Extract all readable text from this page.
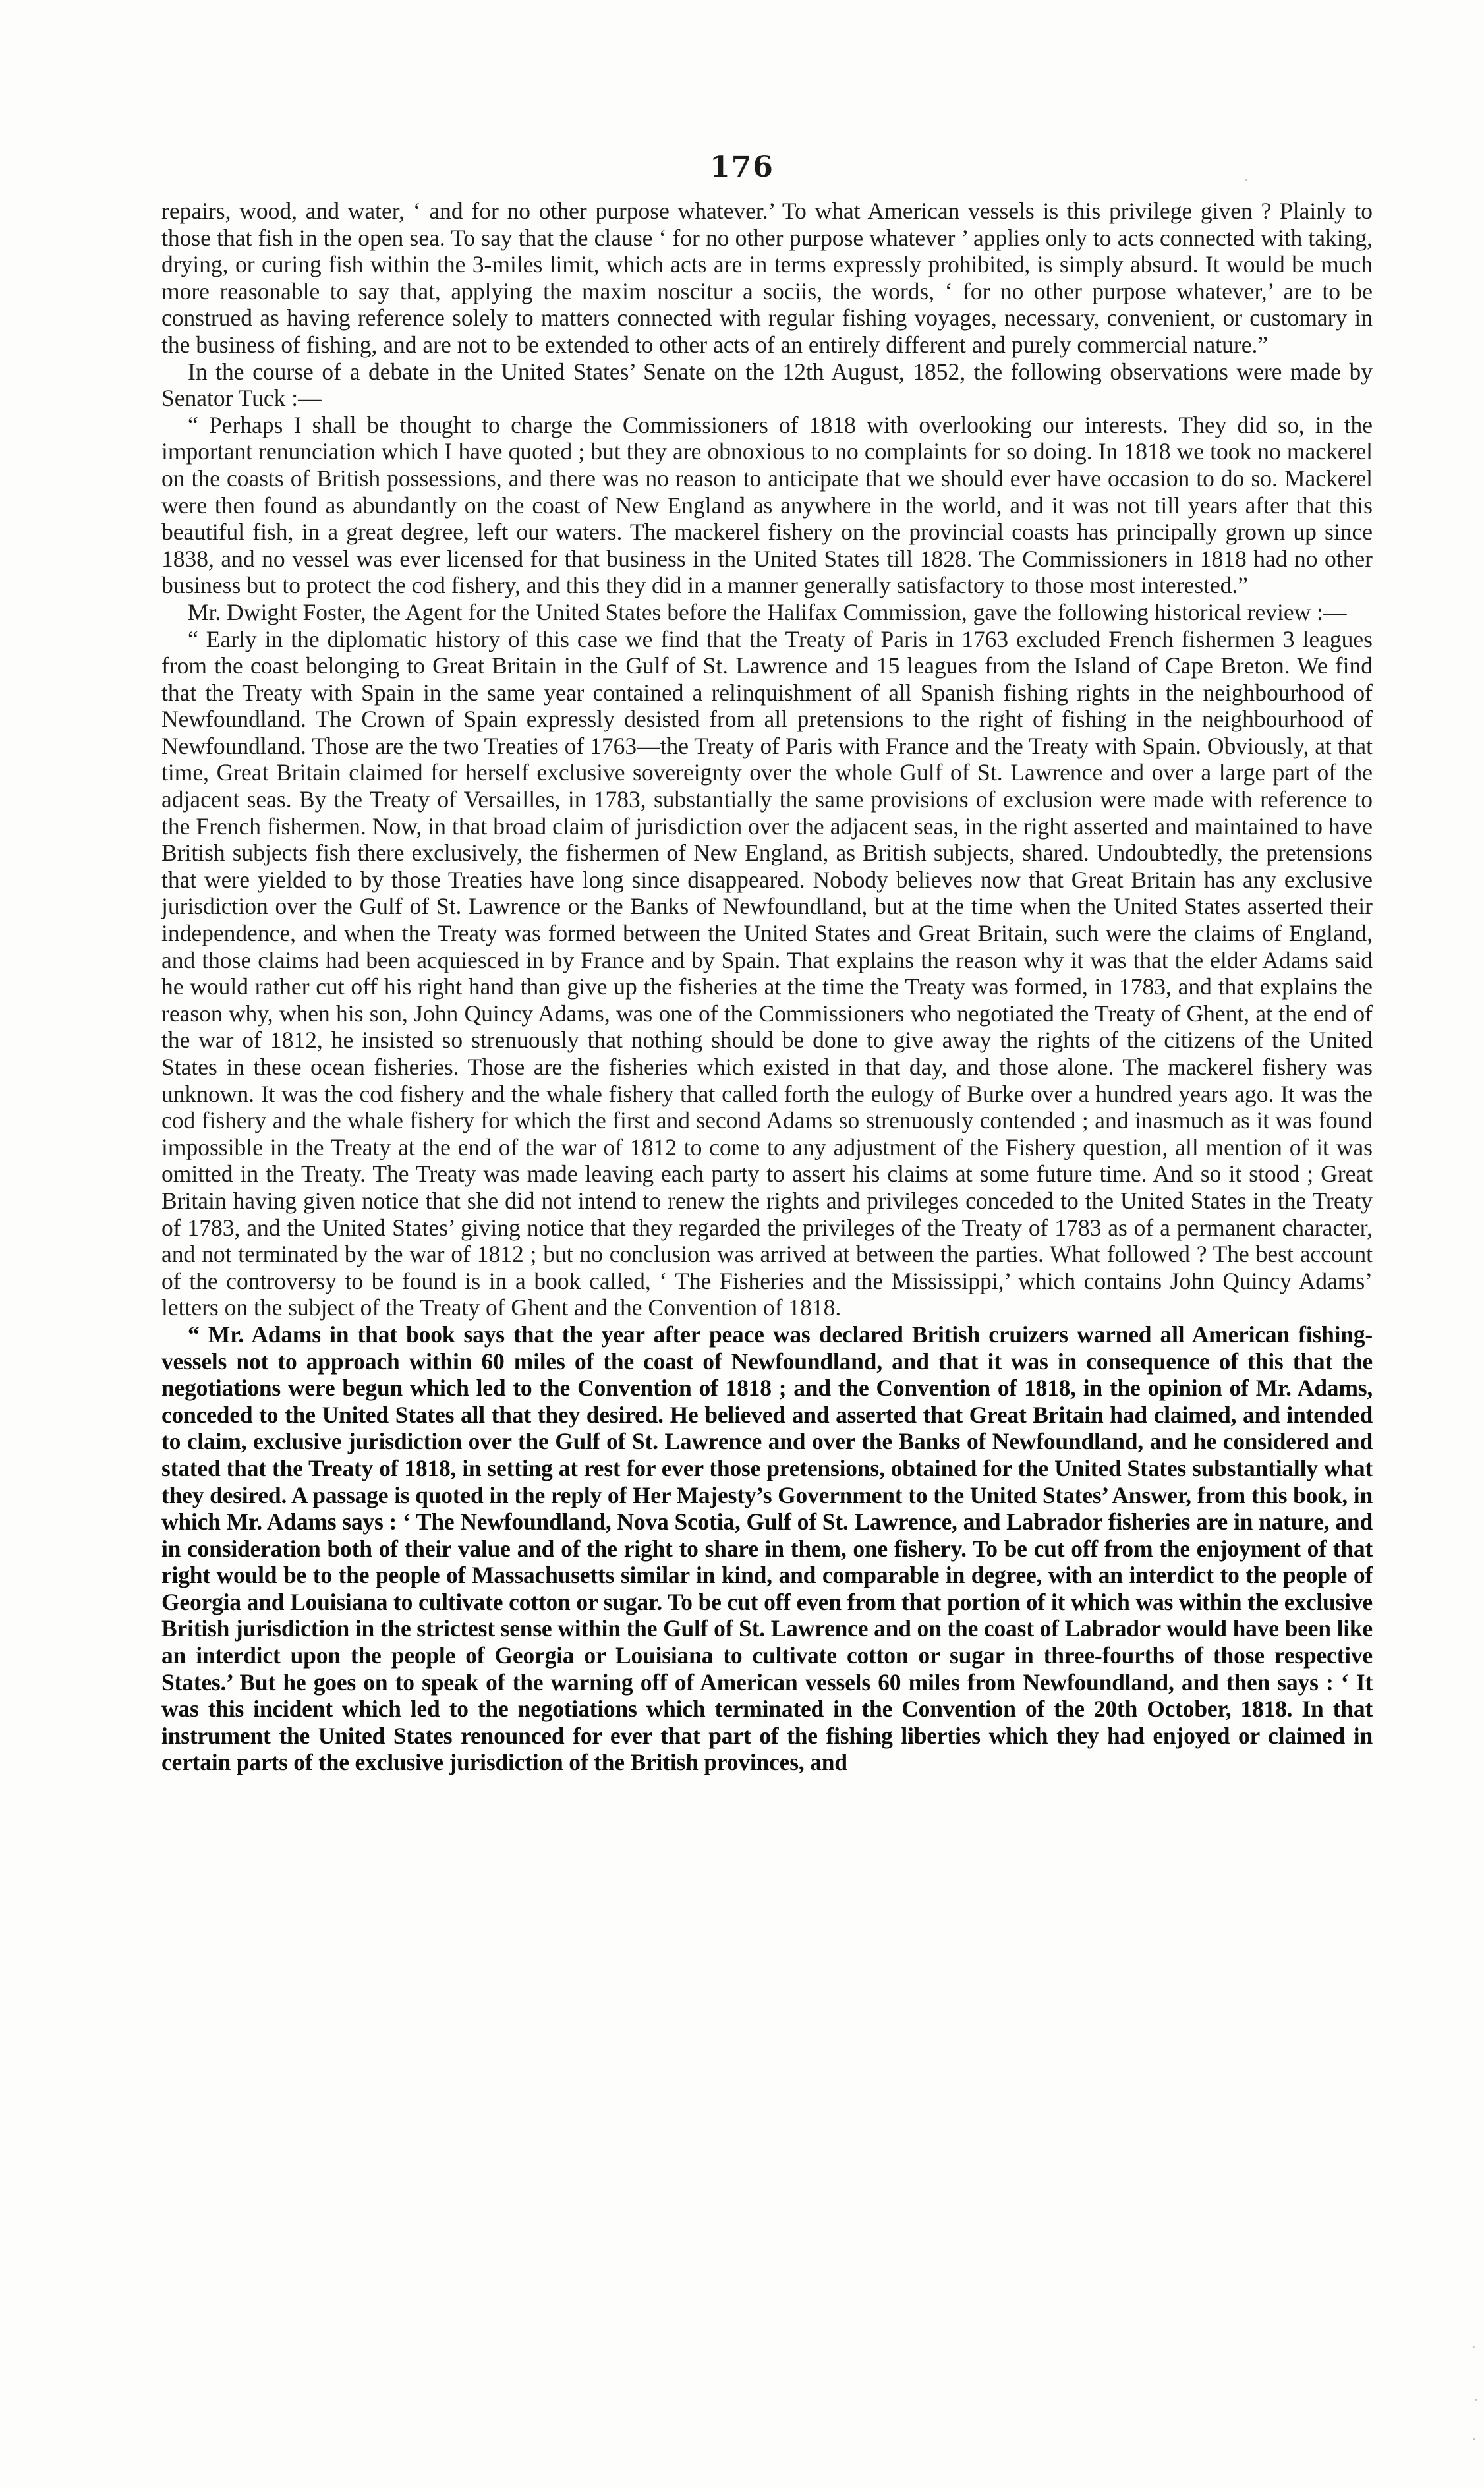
176

repairs, wood, and water, ‘ and for no other purpose whatever.’ To what American vessels is this privilege given ? Plainly to those that fish in the open sea. To say that the clause ‘ for no other purpose whatever ’ applies only to acts connected with taking, drying, or curing fish within the 3-miles limit, which acts are in terms expressly prohibited, is simply absurd. It would be much more reasonable to say that, applying the maxim noscitur a sociis, the words, ‘ for no other purpose whatever,’ are to be construed as having reference solely to matters connected with regular fishing voyages, necessary, convenient, or customary in the business of fishing, and are not to be extended to other acts of an entirely different and purely commercial nature.”

In the course of a debate in the United States’ Senate on the 12th August, 1852, the following observations were made by Senator Tuck :—

“ Perhaps I shall be thought to charge the Commissioners of 1818 with overlooking our interests. They did so, in the important renunciation which I have quoted ; but they are obnoxious to no complaints for so doing. In 1818 we took no mackerel on the coasts of British possessions, and there was no reason to anticipate that we should ever have occasion to do so. Mackerel were then found as abundantly on the coast of New England as anywhere in the world, and it was not till years after that this beautiful fish, in a great degree, left our waters. The mackerel fishery on the provincial coasts has principally grown up since 1838, and no vessel was ever licensed for that business in the United States till 1828. The Commissioners in 1818 had no other business but to protect the cod fishery, and this they did in a manner generally satisfactory to those most interested.”

Mr. Dwight Foster, the Agent for the United States before the Halifax Commission, gave the following historical review :—

“ Early in the diplomatic history of this case we find that the Treaty of Paris in 1763 excluded French fishermen 3 leagues from the coast belonging to Great Britain in the Gulf of St. Lawrence and 15 leagues from the Island of Cape Breton. We find that the Treaty with Spain in the same year contained a relinquishment of all Spanish fishing rights in the neighbourhood of Newfoundland. The Crown of Spain expressly desisted from all pretensions to the right of fishing in the neighbourhood of Newfoundland. Those are the two Treaties of 1763—the Treaty of Paris with France and the Treaty with Spain. Obviously, at that time, Great Britain claimed for herself exclusive sovereignty over the whole Gulf of St. Lawrence and over a large part of the adjacent seas. By the Treaty of Versailles, in 1783, substantially the same provisions of exclusion were made with reference to the French fishermen. Now, in that broad claim of jurisdiction over the adjacent seas, in the right asserted and maintained to have British subjects fish there exclusively, the fishermen of New England, as British subjects, shared. Undoubtedly, the pretensions that were yielded to by those Treaties have long since disappeared. Nobody believes now that Great Britain has any exclusive jurisdiction over the Gulf of St. Lawrence or the Banks of Newfoundland, but at the time when the United States asserted their independence, and when the Treaty was formed between the United States and Great Britain, such were the claims of England, and those claims had been acquiesced in by France and by Spain. That explains the reason why it was that the elder Adams said he would rather cut off his right hand than give up the fisheries at the time the Treaty was formed, in 1783, and that explains the reason why, when his son, John Quincy Adams, was one of the Commissioners who negotiated the Treaty of Ghent, at the end of the war of 1812, he insisted so strenuously that nothing should be done to give away the rights of the citizens of the United States in these ocean fisheries. Those are the fisheries which existed in that day, and those alone. The mackerel fishery was unknown. It was the cod fishery and the whale fishery that called forth the eulogy of Burke over a hundred years ago. It was the cod fishery and the whale fishery for which the first and second Adams so strenuously contended ; and inasmuch as it was found impossible in the Treaty at the end of the war of 1812 to come to any adjustment of the Fishery question, all mention of it was omitted in the Treaty. The Treaty was made leaving each party to assert his claims at some future time. And so it stood ; Great Britain having given notice that she did not intend to renew the rights and privileges conceded to the United States in the Treaty of 1783, and the United States’ giving notice that they regarded the privileges of the Treaty of 1783 as of a permanent character, and not terminated by the war of 1812 ; but no conclusion was arrived at between the parties. What followed ? The best account of the controversy to be found is in a book called, ‘ The Fisheries and the Mississippi,’ which contains John Quincy Adams’ letters on the subject of the Treaty of Ghent and the Convention of 1818.

“ Mr. Adams in that book says that the year after peace was declared British cruizers warned all American fishing-vessels not to approach within 60 miles of the coast of Newfoundland, and that it was in consequence of this that the negotiations were begun which led to the Convention of 1818 ; and the Convention of 1818, in the opinion of Mr. Adams, conceded to the United States all that they desired. He believed and asserted that Great Britain had claimed, and intended to claim, exclusive jurisdiction over the Gulf of St. Lawrence and over the Banks of Newfoundland, and he considered and stated that the Treaty of 1818, in setting at rest for ever those pretensions, obtained for the United States substantially what they desired. A passage is quoted in the reply of Her Majesty’s Government to the United States’ Answer, from this book, in which Mr. Adams says : ‘ The Newfoundland, Nova Scotia, Gulf of St. Lawrence, and Labrador fisheries are in nature, and in consideration both of their value and of the right to share in them, one fishery. To be cut off from the enjoyment of that right would be to the people of Massachusetts similar in kind, and comparable in degree, with an interdict to the people of Georgia and Louisiana to cultivate cotton or sugar. To be cut off even from that portion of it which was within the exclusive British jurisdiction in the strictest sense within the Gulf of St. Lawrence and on the coast of Labrador would have been like an interdict upon the people of Georgia or Louisiana to cultivate cotton or sugar in three-fourths of those respective States.’ But he goes on to speak of the warning off of American vessels 60 miles from Newfoundland, and then says : ‘ It was this incident which led to the negotiations which terminated in the Convention of the 20th October, 1818. In that instrument the United States renounced for ever that part of the fishing liberties which they had enjoyed or claimed in certain parts of the exclusive jurisdiction of the British provinces, and
